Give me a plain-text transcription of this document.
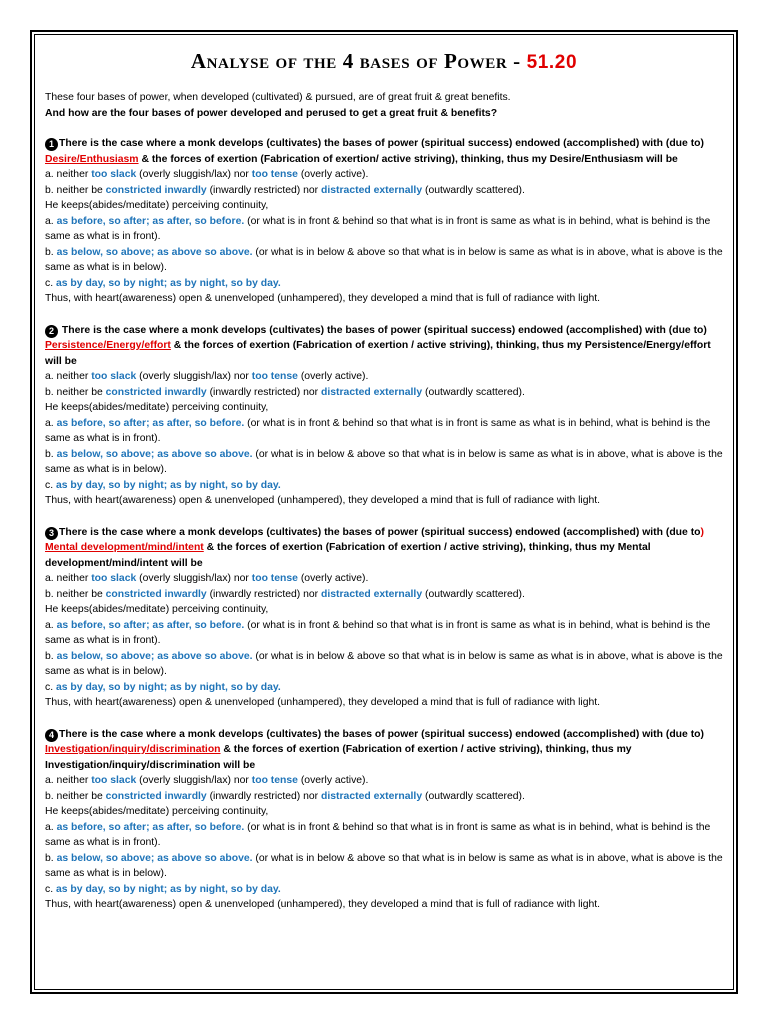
Analyse of the 4 bases of Power - 51.20

These four bases of power, when developed (cultivated) & pursued, are of great fruit & great benefits.

And how are the four bases of power developed and perused to get a great fruit & benefits?

1 There is the case where a monk develops (cultivates) the bases of power (spiritual success) endowed (accomplished) with (due to) Desire/Enthusiasm & the forces of exertion (Fabrication of exertion/ active striving), thinking, thus my Desire/Enthusiasm will be

a. neither too slack (overly sluggish/lax) nor too tense (overly active).

b. neither be constricted inwardly (inwardly restricted) nor distracted externally (outwardly scattered).

He keeps(abides/meditate) perceiving continuity,

a. as before, so after; as after, so before. (or what is in front & behind so that what is in front is same as what is in behind, what is behind is the same as what is in front).

b. as below, so above; as above so above. (or what is in below & above so that what is in below is same as what is in above, what is above is the same as what is in below).

c. as by day, so by night; as by night, so by day.

Thus, with heart(awareness) open & unenveloped (unhampered), they developed a mind that is full of radiance with light.

2 There is the case where a monk develops (cultivates) the bases of power (spiritual success) endowed (accomplished) with (due to) Persistence/Energy/effort & the forces of exertion (Fabrication of exertion / active striving), thinking, thus my Persistence/Energy/effort will be

a. neither too slack (overly sluggish/lax) nor too tense (overly active).

b. neither be constricted inwardly (inwardly restricted) nor distracted externally (outwardly scattered).

He keeps(abides/meditate) perceiving continuity,

a. as before, so after; as after, so before. (or what is in front & behind so that what is in front is same as what is in behind, what is behind is the same as what is in front).

b. as below, so above; as above so above. (or what is in below & above so that what is in below is same as what is in above, what is above is the same as what is in below).

c. as by day, so by night; as by night, so by day.

Thus, with heart(awareness) open & unenveloped (unhampered), they developed a mind that is full of radiance with light.

3 There is the case where a monk develops (cultivates) the bases of power (spiritual success) endowed (accomplished) with (due to) Mental development/mind/intent & the forces of exertion (Fabrication of exertion / active striving), thinking, thus my Mental development/mind/intent will be

a. neither too slack (overly sluggish/lax) nor too tense (overly active).

b. neither be constricted inwardly (inwardly restricted) nor distracted externally (outwardly scattered).

He keeps(abides/meditate) perceiving continuity,

a. as before, so after; as after, so before. (or what is in front & behind so that what is in front is same as what is in behind, what is behind is the same as what is in front).

b. as below, so above; as above so above. (or what is in below & above so that what is in below is same as what is in above, what is above is the same as what is in below).

c. as by day, so by night; as by night, so by day.

Thus, with heart(awareness) open & unenveloped (unhampered), they developed a mind that is full of radiance with light.

4 There is the case where a monk develops (cultivates) the bases of power (spiritual success) endowed (accomplished) with (due to) Investigation/inquiry/discrimination & the forces of exertion (Fabrication of exertion / active striving), thinking, thus my Investigation/inquiry/discrimination will be

a. neither too slack (overly sluggish/lax) nor too tense (overly active).

b. neither be constricted inwardly (inwardly restricted) nor distracted externally (outwardly scattered).

He keeps(abides/meditate) perceiving continuity,

a. as before, so after; as after, so before. (or what is in front & behind so that what is in front is same as what is in behind, what is behind is the same as what is in front).

b. as below, so above; as above so above. (or what is in below & above so that what is in below is same as what is in above, what is above is the same as what is in below).

c. as by day, so by night; as by night, so by day.

Thus, with heart(awareness) open & unenveloped (unhampered), they developed a mind that is full of radiance with light.
